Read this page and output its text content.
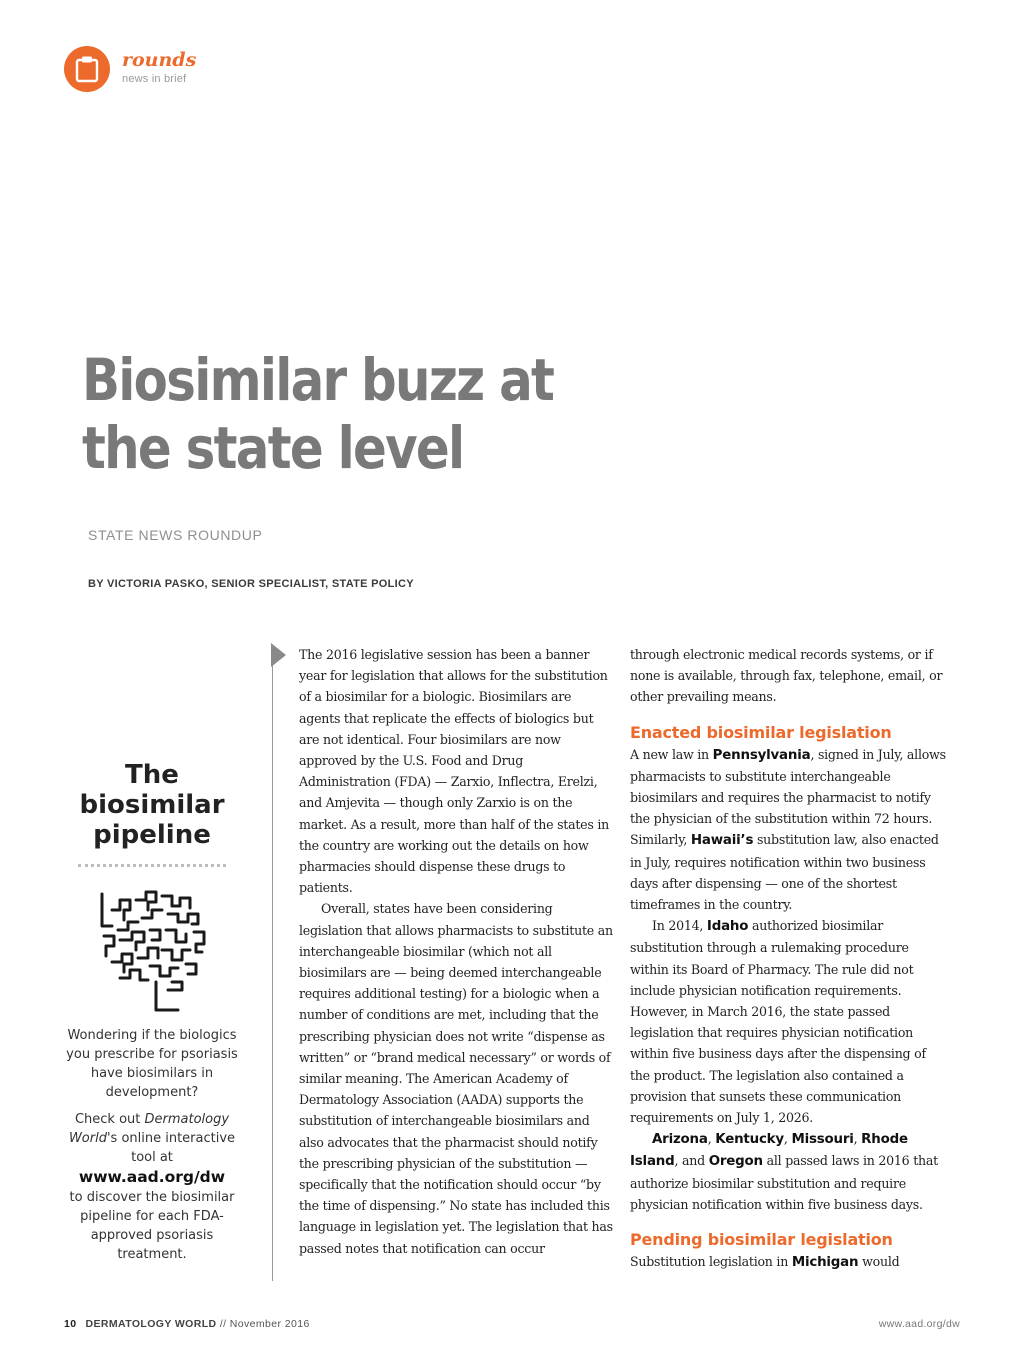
rounds
news in brief
Biosimilar buzz at
the state level
STATE NEWS ROUNDUP
BY VICTORIA PASKO, SENIOR SPECIALIST, STATE POLICY
The
biosimilar
pipeline

Wondering if the biologics you prescribe for psoriasis have biosimilars in development?

Check out Dermatology World's online interactive tool at
www.aad.org/dw
to discover the biosimilar pipeline for each FDA-approved psoriasis treatment.

The 2016 legislative session has been a banner year for legislation that allows for the substitution of a biosimilar for a biologic. Biosimilars are agents that replicate the effects of biologics but are not identical. Four biosimilars are now approved by the U.S. Food and Drug Administration (FDA) — Zarxio, Inflectra, Erelzi, and Amjevita — though only Zarxio is on the market. As a result, more than half of the states in the country are working out the details on how pharmacies should dispense these drugs to patients.

Overall, states have been considering legislation that allows pharmacists to substitute an interchangeable biosimilar (which not all biosimilars are — being deemed interchangeable requires additional testing) for a biologic when a number of conditions are met, including that the prescribing physician does not write “dispense as written” or “brand medical necessary” or words of similar meaning. The American Academy of Dermatology Association (AADA) supports the substitution of interchangeable biosimilars and also advocates that the pharmacist should notify the prescribing physician of the substitution — specifically that the notification should occur “by the time of dispensing.” No state has included this language in legislation yet. The legislation that has passed notes that notification can occur

through electronic medical records systems, or if none is available, through fax, telephone, email, or other prevailing means.

Enacted biosimilar legislation

A new law in Pennsylvania, signed in July, allows pharmacists to substitute interchangeable biosimilars and requires the pharmacist to notify the physician of the substitution within 72 hours. Similarly, Hawaii’s substitution law, also enacted in July, requires notification within two business days after dispensing — one of the shortest timeframes in the country.

In 2014, Idaho authorized biosimilar substitution through a rulemaking procedure within its Board of Pharmacy. The rule did not include physician notification requirements. However, in March 2016, the state passed legislation that requires physician notification within five business days after the dispensing of the product. The legislation also contained a provision that sunsets these communication requirements on July 1, 2026.

Arizona, Kentucky, Missouri, Rhode Island, and Oregon all passed laws in 2016 that authorize biosimilar substitution and require physician notification within five business days.

Pending biosimilar legislation

Substitution legislation in Michigan would

10 DERMATOLOGY WORLD // November 2016	www.aad.org/dw
